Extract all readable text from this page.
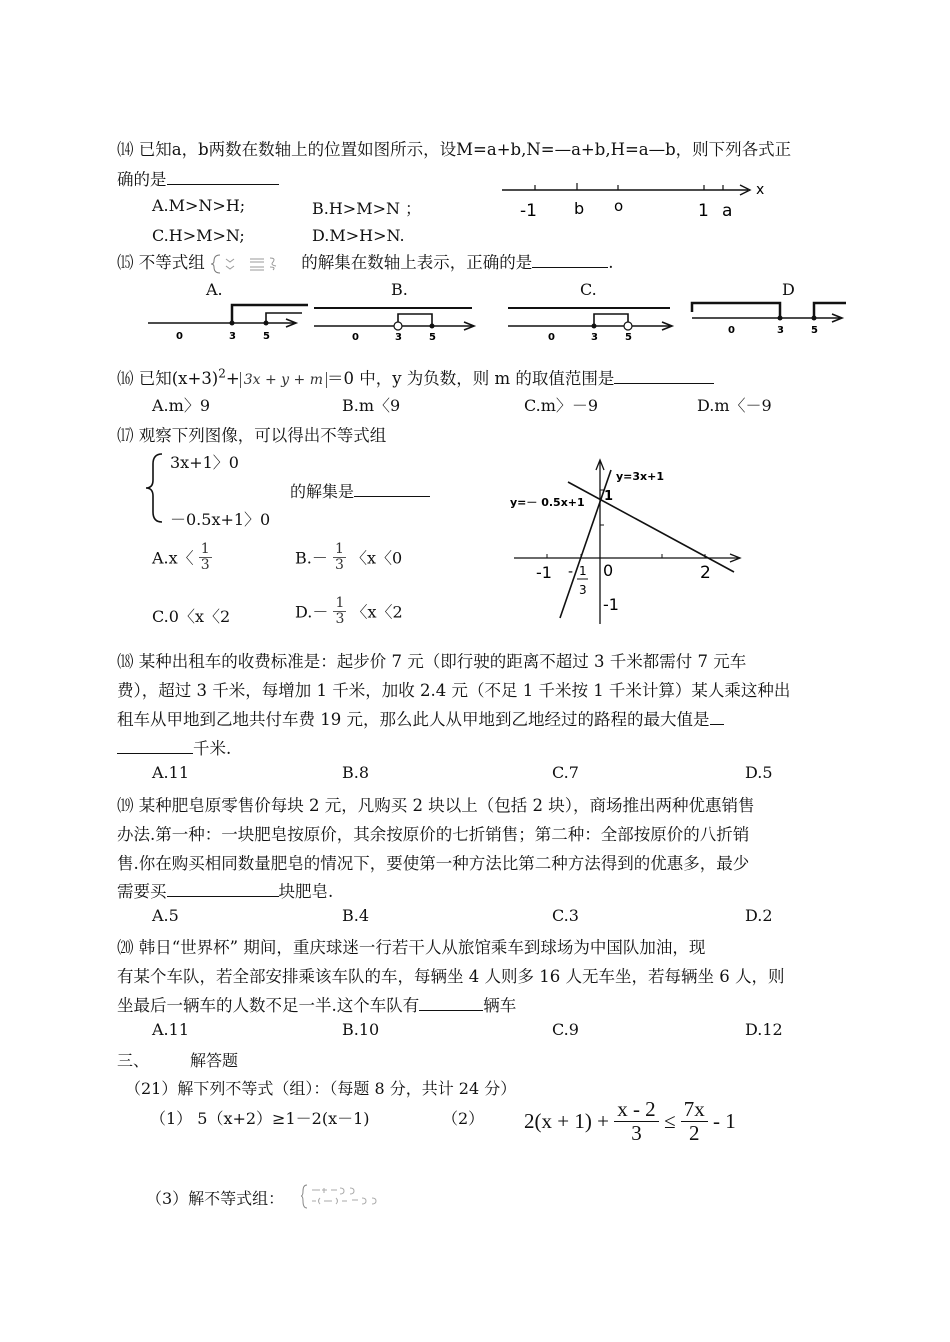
⒁ 已知a，b两数在数轴上的位置如图所示，设M=a+b,N=—a+b,H=a—b，则下列各式正
确的是
A.M>N>H;	B.H>M>N ；
C.H>M>N;	D.M>H>N.
-1 b o	1 a
x
⒂ 不等式组	的解集在数轴上表示，正确的是	.
A.	B.	C.	D
0	3	5	0	3	5	0	3	5
0	3	5
⒃ 已知$(x+3)^2+ 3x + y + m =0$ 中，y 为负数，则 m 的取值范围是
A.m〉9	B.m〈9	C.m〉－9	D.m〈－9
⒄ 观察下列图像，可以得出不等式组
3x+1〉0
－0.5x+1〉0
的解集是
A.x〈 $\frac{1}{3}$	$B.- \frac{1}{3}$ 〈x〈0
C.0〈x〈2	$D.- \frac{1}{3}$ 〈x〈2
y=3x+1
y=－ 0.5x+1 1
-1	0	2
-1
- 1
3
⒅ 某种出租车的收费标准是：起步价 7 元（即行驶的距离不超过 3 千米都需付 7 元车
费），超过 3 千米，每增加 1 千米，加收 2.4 元（不足 1 千米按 1 千米计算）某人乘这种出
租车从甲地到乙地共付车费 19 元，那么此人从甲地到乙地经过的路程的最大值是
千米.
A.11	B.8	C.7	D.5
⒆ 某种肥皂原零售价每块 2 元，凡购买 2 块以上（包括 2 块），商场推出两种优惠销售
办法.第一种：一块肥皂按原价，其余按原价的七折销售；第二种：全部按原价的八折销
售.你在购买相同数量肥皂的情况下，要使第一种方法比第二种方法得到的优惠多，最少
需要买	块肥皂.
A.5	B.4	C.3	D.2
⒇ 韩日“世界杯” 期间，重庆球迷一行若干人从旅馆乘车到球场为中国队加油，现
有某个车队，若全部安排乘该车队的车，每辆坐 4 人则多 16 人无车坐，若每辆坐 6 人，则
坐最后一辆车的人数不足一半.这个车队有	辆车
A.11	B.10	C.9	D.12
三、	解答题
（21）解下列不等式（组）：（每题 8 分，共计 24 分）
（1） 5（x+2）≥1－2(x－1)	（2） $2(x + 1) + \frac{x - 2}{3} \le \frac{7x}{2} - 1$
（3）解不等式组：
